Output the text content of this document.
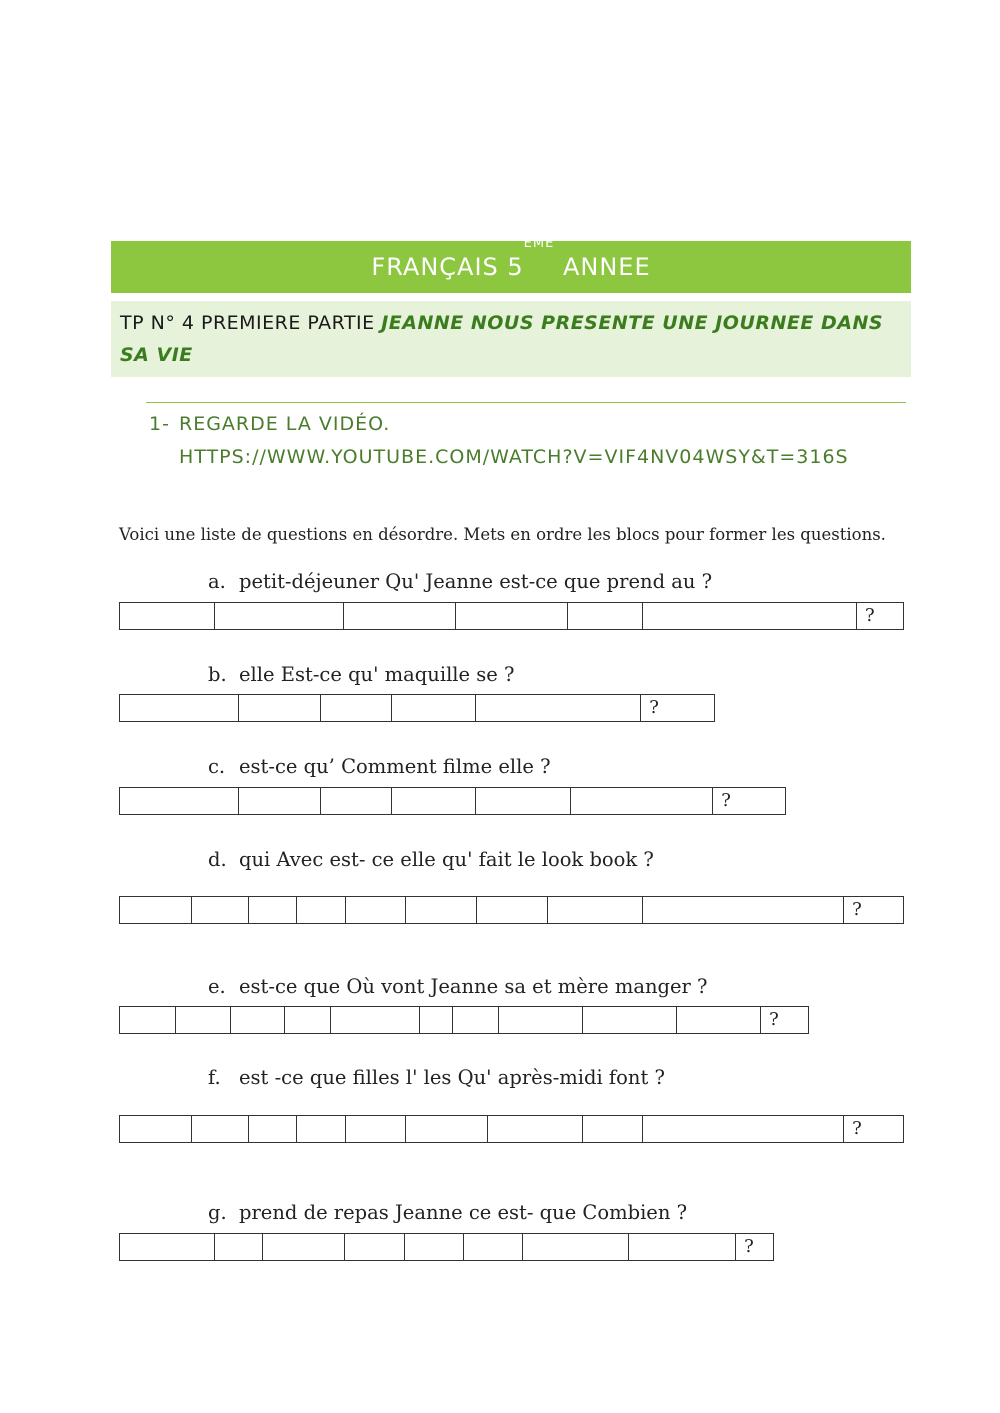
FRANÇAIS 5EME ANNEE
TP N° 4 PREMIERE PARTIE JEANNE NOUS PRESENTE UNE JOURNEE DANS SA VIE
1- REGARDE LA VIDÉO.
HTTPS://WWW.YOUTUBE.COM/WATCH?V=VIF4NV04WSY&T=316S
Voici une liste de questions en désordre. Mets en ordre les blocs pour former les questions.
a. petit-déjeuner Qu' Jeanne est-ce que prend au ?
?
b. elle Est-ce qu' maquille se ?
?
c. est-ce qu’ Comment filme elle ?
?
d. qui Avec est- ce elle qu' fait le look book ?
?
e. est-ce que Où vont Jeanne sa et mère manger ?
?
f. est -ce que filles l' les Qu' après-midi font ?
?
g. prend de repas Jeanne ce est- que Combien ?
?
